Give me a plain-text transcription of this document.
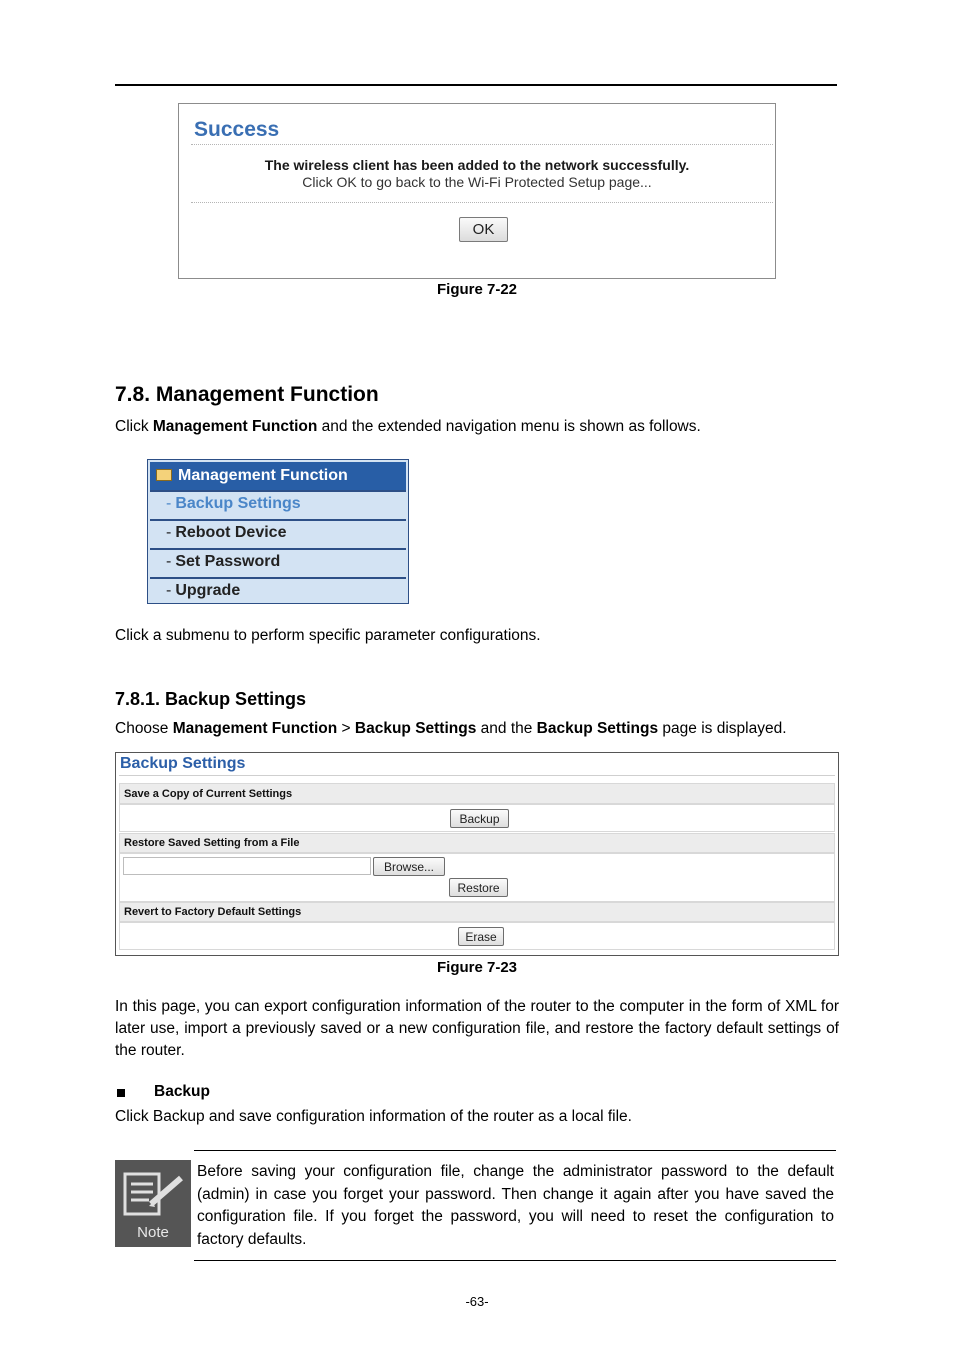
Success
The wireless client has been added to the network successfully.
Click OK to go back to the Wi-Fi Protected Setup page...
OK
Figure 7-22
7.8. Management Function
Click Management Function and the extended navigation menu is shown as follows.
Management Function
- Backup Settings
- Reboot Device
- Set Password
- Upgrade
Click a submenu to perform specific parameter configurations.
7.8.1. Backup Settings
Choose Management Function > Backup Settings and the Backup Settings page is displayed.
Backup Settings
Save a Copy of Current Settings
Backup
Restore Saved Setting from a File
Browse...
Restore
Revert to Factory Default Settings
Erase
Figure 7-23
In this page, you can export configuration information of the router to the computer in the form of XML for later use, import a previously saved or a new configuration file, and restore the factory default settings of the router.
Backup
Click Backup and save configuration information of the router as a local file.
Note
Before saving your configuration file, change the administrator password to the default (admin) in case you forget your password. Then change it again after you have saved the configuration file. If you forget the password, you will need to reset the configuration to factory defaults.
-63-
